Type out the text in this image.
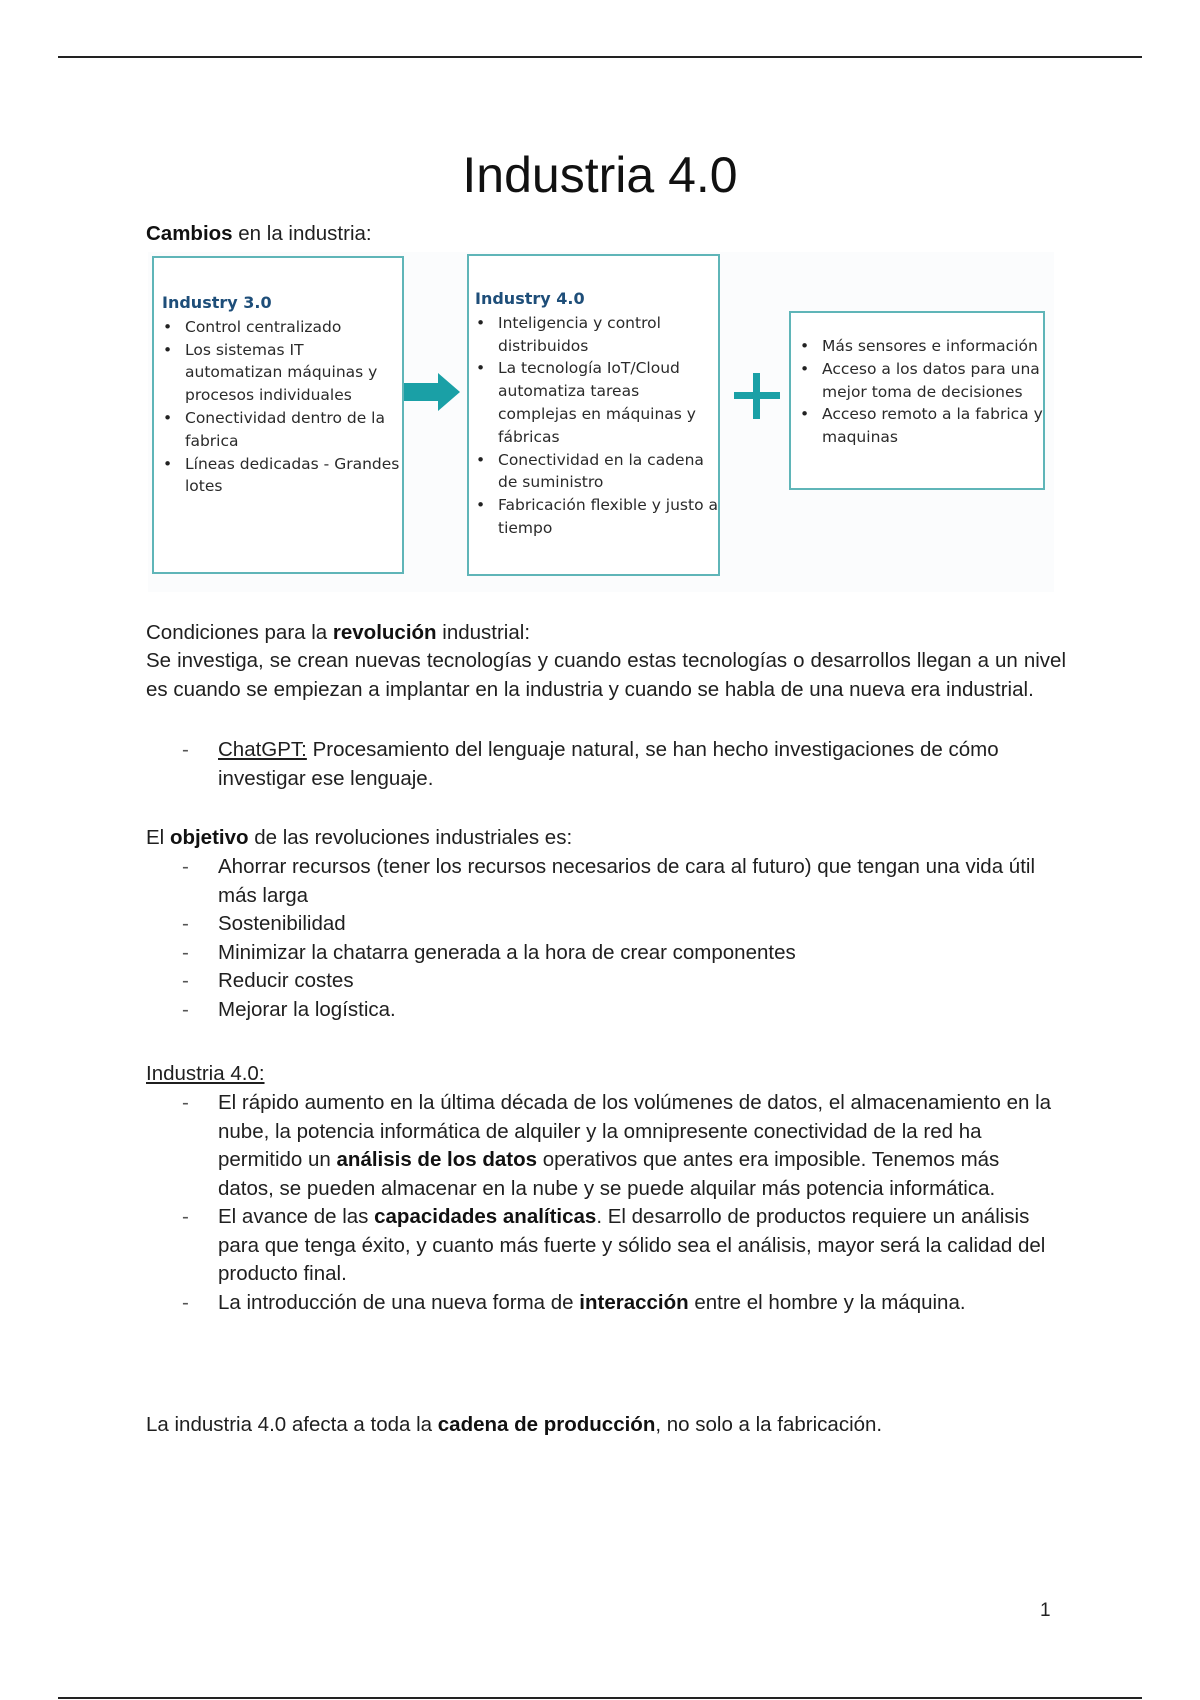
Industria 4.0
Cambios en la industria:
Industry 3.0
• Control centralizado
• Los sistemas IT automatizan máquinas y procesos individuales
• Conectividad dentro de la fabrica
• Líneas dedicadas - Grandes lotes
Industry 4.0
• Inteligencia y control distribuidos
• La tecnología IoT/Cloud automatiza tareas complejas en máquinas y fábricas
• Conectividad en la cadena de suministro
• Fabricación flexible y justo a tiempo
• Más sensores e información
• Acceso a los datos para una mejor toma de decisiones
• Acceso remoto a la fabrica y maquinas
Condiciones para la revolución industrial:
Se investiga, se crean nuevas tecnologías y cuando estas tecnologías o desarrollos llegan a un nivel es cuando se empiezan a implantar en la industria y cuando se habla de una nueva era industrial.
- ChatGPT: Procesamiento del lenguaje natural, se han hecho investigaciones de cómo investigar ese lenguaje.
El objetivo de las revoluciones industriales es:
- Ahorrar recursos (tener los recursos necesarios de cara al futuro) que tengan una vida útil más larga
- Sostenibilidad
- Minimizar la chatarra generada a la hora de crear componentes
- Reducir costes
- Mejorar la logística.
Industria 4.0:
- El rápido aumento en la última década de los volúmenes de datos, el almacenamiento en la nube, la potencia informática de alquiler y la omnipresente conectividad de la red ha permitido un análisis de los datos operativos que antes era imposible. Tenemos más datos, se pueden almacenar en la nube y se puede alquilar más potencia informática.
- El avance de las capacidades analíticas. El desarrollo de productos requiere un análisis para que tenga éxito, y cuanto más fuerte y sólido sea el análisis, mayor será la calidad del producto final.
- La introducción de una nueva forma de interacción entre el hombre y la máquina.
La industria 4.0 afecta a toda la cadena de producción, no solo a la fabricación.
1
